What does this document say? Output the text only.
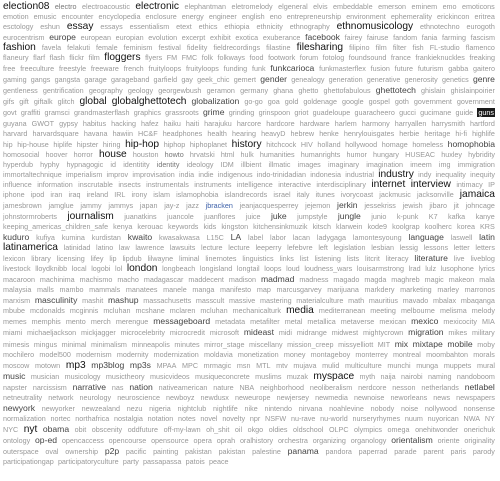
election08 electro electroacoustic electronic elephantman eletromelody elgeneral elvis embeddable emerson eminem emo emoticons emotion emusic encounter encyclopedia enclosure energy engineer english eno entrepreneurship environment ephemerality erickincon eritrea esctology eshun essay essays essentialism etext ethics ethiopia ethnicity ethnography ethnomusicology ethnotechno eurogoth eurocentrism europe european europian evolution excerpt exhibit exotica exuberance facebook fairey fairuse fandom fania farming fascism fashion favela felakuti female feminism festival fidelity fieldrecordings filastine filesharing filipino film filter fish FL-studio flamenco flaneury flarf flash flickr film floggers flyers FM FMC folk folkways food footwork forum fotolog foundsound france frankieknuckles freaking free freeculture freestyle freeware french fruityloops fruityloops funding funk funkcarioca funkmasterflex fusion future futurism gabba gaitero gaming gangs gangsta garage garageband garfield gay geek_chic gemert gender genealogy generation generative generosity genetics genre gentleness gentrification geography geology georgewbush geramon germany ghana ghetto ghettofabulous ghettotech ghislain ghislainpoirier gifs gift giftalk glitch global globalghettotech globalization go-go goa gold goldenage google gospel goth government government govt graffiti gramsci grandmasterflash graphics grassroots grime grinding grinspoon griot guadeloupe guaracheero gucci gucimane guide guns guyana GWOT gypsy habitus hacking hafez haiku haiti harajuku harcore hardcore hardware harlem harmony harryallen harrysmith hartford harvard harvardsquare havana hawiin HC&F headphones health hearing heavyD hebrew henke henrylouisgates herbie heritage hi-fi highlife hip hip-house hiplife hipster hiring hip-hop hiphop hiphoplanet history hitchcock HIV holland hollywood homage homeless homophobia homosocial hoover horror house houston howto hrvatski html hulk humanities humanrights humor hungary HUSEAC huxley hybridity hyperdub hyphy hypnagogic id identitity identity ideology IDM illbient illmatic images imaginary imagination imeem img immigration immortaltechnique imperialism improv improvisation india indie indigenous indo-trinidadian indonesia industrial industry indy inequality inequity influence information inscrutable insects instrumentals instruments intelligence interactive interdisciplinary internet interview intimacy IP iphone ipod iran iraq ireland IRL irony islam islamophobia islandrecords israel italy itunes ivorycoast jackmusic jacksonville jamaica jamesbrown jamglue jammy jammys japan jay-z jazz jbracken jeanjacquesperrey jejemon jerkin jessekriss jewish jibaro jit johncage johnstormroberts journalism juanatkins juancole juanflores juice juke jumpstyle jungle junio k-punk K7 kafka kanye keeping_americas_children_safe kenya kerouac keywords kids kingston kitchensinkmuzik kitsch klarwein kode9 koolgrap koolherc korea KRS kuduro kufiya kumina kurdistan kwaito kwasakwasa L15C LA label labor lacan ladygaga lamontesyoung language laswell latin latinamerica latinidad latino law lawrence lawsuits lecture lecture leeperry lefebvre left legislation lesbian lessig lessons letter letters lexicon library licensing lifey lip lipdub lilwayne liminal linernotes linguistics links list listening lists litcrit literacy literature live liveblog livestock lloydknibb local logobi lol london longbeach longisland longtail loops loud loudness_wars louisarmstrong lrad lulz lusophone lyrics macaroon machinima machismo macho madagascar maddecent madison madmad madness magado magda maghreb magic makeon mala malaysia malls mambo mammals manatees manele manga manifesto map marcusgarvey marijuana markdery marketing marley marronos marxism masculinity mashit mashup massachusetts masscult massive mastering materialculture math mauritius mavado mbalax mbaqanga mbube mcdonalds mcginnis mcluhan mcshane mclaren mcluhan mechanicalturk media mediterranean meeting melbourne melisma melody memes memphis mento merch merengue messageboard metadata metafilter metal metallica metaverse mexican mexico mexicocity MIA miami michaeljackson mickjagger microcelebrity microcredit microsoft mideast midi midrange midwest mightycrown migration mikes military mimesis mingus minimal minimalism minneapolis minutes mirror_stage miscellany mission_creep missyelliott MIT mix mixtape mobile moby mochilero model500 modernism modernity modernization moldavia monetization money montageboy monterrey montreal moombahton morals moscow motown mp3 mp3blog mp3s MPAA MPC mrmagic msn MTL mtv mujava mulid multiculture munchi munga muppets mural music musician musicology musictheory musicvideos musiqueconcrete muslims muzak myspace myth naija nairobi naming nandoboom napster narcissism narrative nas nation nativeamerican nature NBA neighborhood neoliberalism nerdcore nesson netherlands netlabel netneutrality network neurology neuroscience newboyz newdusx neweurope newjersey newmedia newnoise neworleans news newspapers newyork newyorker newzealand nezu nigeria nightclub nightlife nike nintendo nirvana noahlevine nobody noise nollywood nonsense normalization nortec northafrica nostalgia notation notes novel novelty npr NSFW nu-rave nu-world nurseryrhymes nuum nuyorican NWA NY NYC nyt obama obit obscenity oddfuture off-my-lawn oh_shit oil okgo oldies oldschool OLPC olympics omega onehitwonder onerichuk ontology op-ed opencaccess opencourse opensource opera oprah oralhistory orchestra organizing organology orientalism oriente originality outerspace oval ownership p2p pacific painting pakistan pakistan palestine panama pandora paperrad parade parent paris parody participationgap participatoryculture party passapassa patois peace
